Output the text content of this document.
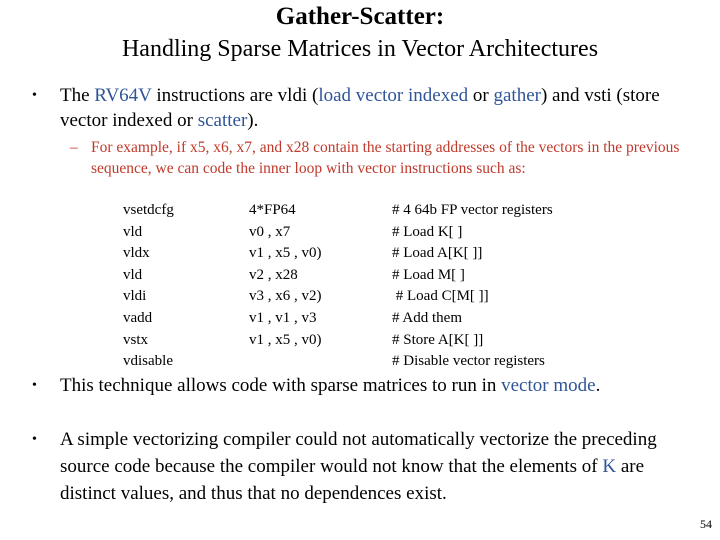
Gather-Scatter:
Handling Sparse Matrices in Vector Architectures
• The RV64V instructions are vldi (load vector indexed or gather) and vsti (store vector indexed or scatter).
– For example, if x5, x6, x7, and x28 contain the starting addresses of the vectors in the previous sequence, we can code the inner loop with vector instructions such as:
vsetdcfg
vld
vldx
vld
vldi
vadd
vstx
vdisable
4*FP64
v0 , x7
v1 , x5 , v0)
v2 , x28
v3 , x6 , v2)
v1 , v1 , v3
v1 , x5 , v0)
# 4 64b FP vector registers
# Load K[ ]
# Load A[K[ ]]
# Load M[ ]
# Load C[M[ ]]
# Add them
# Store A[K[ ]]
# Disable vector registers
• This technique allows code with sparse matrices to run in vector mode.
• A simple vectorizing compiler could not automatically vectorize the preceding source code because the compiler would not know that the elements of K are distinct values, and thus that no dependences exist.
54
